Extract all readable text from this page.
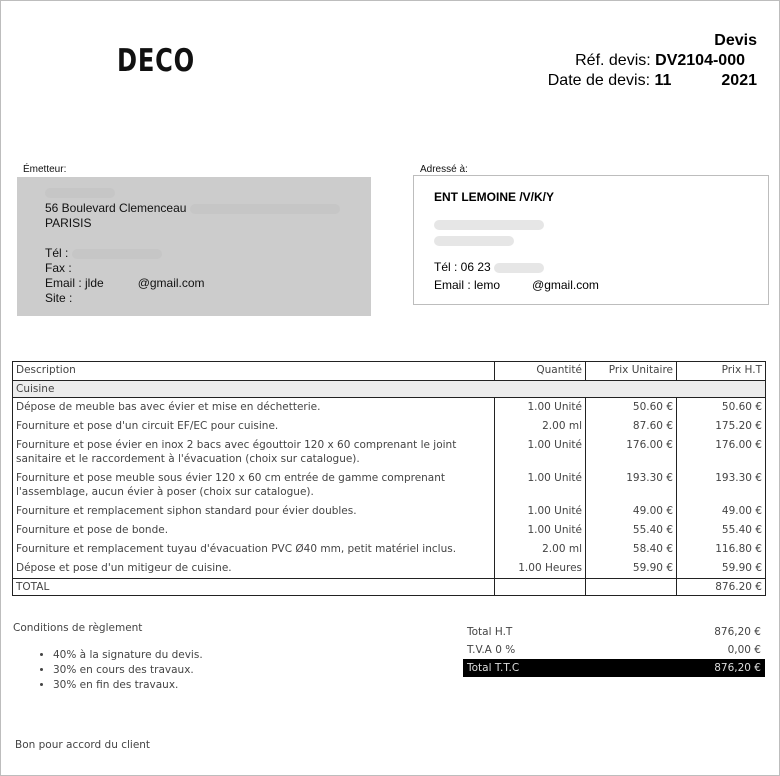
DECO
Devis
Réf. devis: DV2104-000
Date de devis: 11	2021
Émetteur:
56 Boulevard Clemenceau
PARISIS
Tél :
Fax :
Email : jlde	@gmail.com
Site :
Adressé à:
ENT LEMOINE /V/K/Y
Tél : 06 23
Email : lemo	@gmail.com
Description	Quantité	Prix Unitaire	Prix H.T
Cuisine			
Dépose de meuble bas avec évier et mise en déchetterie.	1.00 Unité	50.60 €	50.60 €
Fourniture et pose d'un circuit EF/EC pour cuisine.	2.00 ml	87.60 €	175.20 €
Fourniture et pose évier en inox 2 bacs avec égouttoir 120 x 60 comprenant le joint sanitaire et le raccordement à l'évacuation (choix sur catalogue).	1.00 Unité	176.00 €	176.00 €
Fourniture et pose meuble sous évier 120 x 60 cm entrée de gamme comprenant l'assemblage, aucun évier à poser (choix sur catalogue).	1.00 Unité	193.30 €	193.30 €
Fourniture et remplacement siphon standard pour évier doubles.	1.00 Unité	49.00 €	49.00 €
Fourniture et pose de bonde.	1.00 Unité	55.40 €	55.40 €
Fourniture et remplacement tuyau d'évacuation PVC Ø40 mm, petit matériel inclus.	2.00 ml	58.40 €	116.80 €
Dépose et pose d'un mitigeur de cuisine.	1.00 Heures	59.90 €	59.90 €
TOTAL			876.20 €
Conditions de règlement
• 40% à la signature du devis.
• 30% en cours des travaux.
• 30% en fin des travaux.
Total H.T	876,20 €
T.V.A 0 %	0,00 €
Total T.T.C	876,20 €
Bon pour accord du client
